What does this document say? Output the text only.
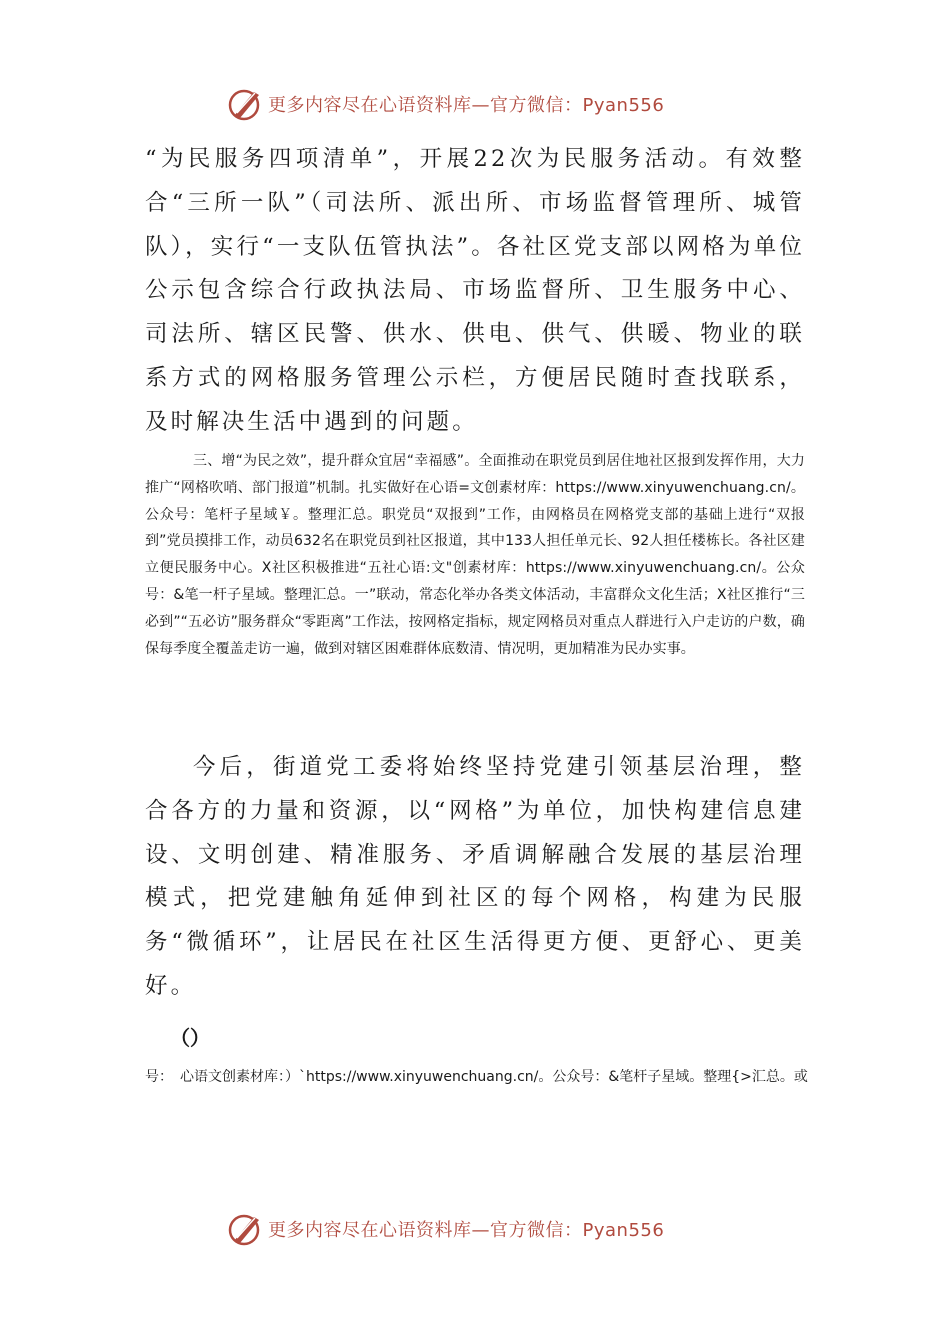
更多内容尽在心语资料库—官方微信：Pyan556

“为民服务四项清单”，开展22次为民服务活动。有效整合“三所一队”（司法所、派出所、市场监督管理所、城管队），实行“一支队伍管执法”。各社区党支部以网格为单位公示包含综合行政执法局、市场监督所、卫生服务中心、司法所、辖区民警、供水、供电、供气、供暖、物业的联系方式的网格服务管理公示栏，方便居民随时查找联系，及时解决生活中遇到的问题。

三、增“为民之效”，提升群众宜居“幸福感”。全面推动在职党员到居住地社区报到发挥作用，大力推广“网格吹哨、部门报道”机制。扎实做好在心语=文创素材库：https://www.xinyuwenchuang.cn/。公众号：笔杆子星域￥。整理汇总。职党员“双报到”工作，由网格员在网格党支部的基础上进行“双报到”党员摸排工作，动员632名在职党员到社区报道，其中133人担任单元长、92人担任楼栋长。各社区建立便民服务中心。X社区积极推进“五社心语:文"创素材库：https://www.xinyuwenchuang.cn/。公众号：&笔一杆子星域。整理汇总。一”联动，常态化举办各类文体活动，丰富群众文化生活；X社区推行“三必到”“五必访”服务群众“零距离”工作法，按网格定指标，规定网格员对重点人群进行入户走访的户数，确保每季度全覆盖走访一遍，做到对辖区困难群体底数清、情况明，更加精准为民办实事。

今后，街道党工委将始终坚持党建引领基层治理，整合各方的力量和资源，以“网格”为单位，加快构建信息建设、文明创建、精准服务、矛盾调解融合发展的基层治理模式，把党建触角延伸到社区的每个网格，构建为民服务“微循环”，让居民在社区生活得更方便、更舒心、更美好。

（）
号：　心语文创素材库：）`https://www.xinyuwenchuang.cn/。公众号：&笔杆子星域。整理{>汇总。或
更多内容尽在心语资料库—官方微信：Pyan556
